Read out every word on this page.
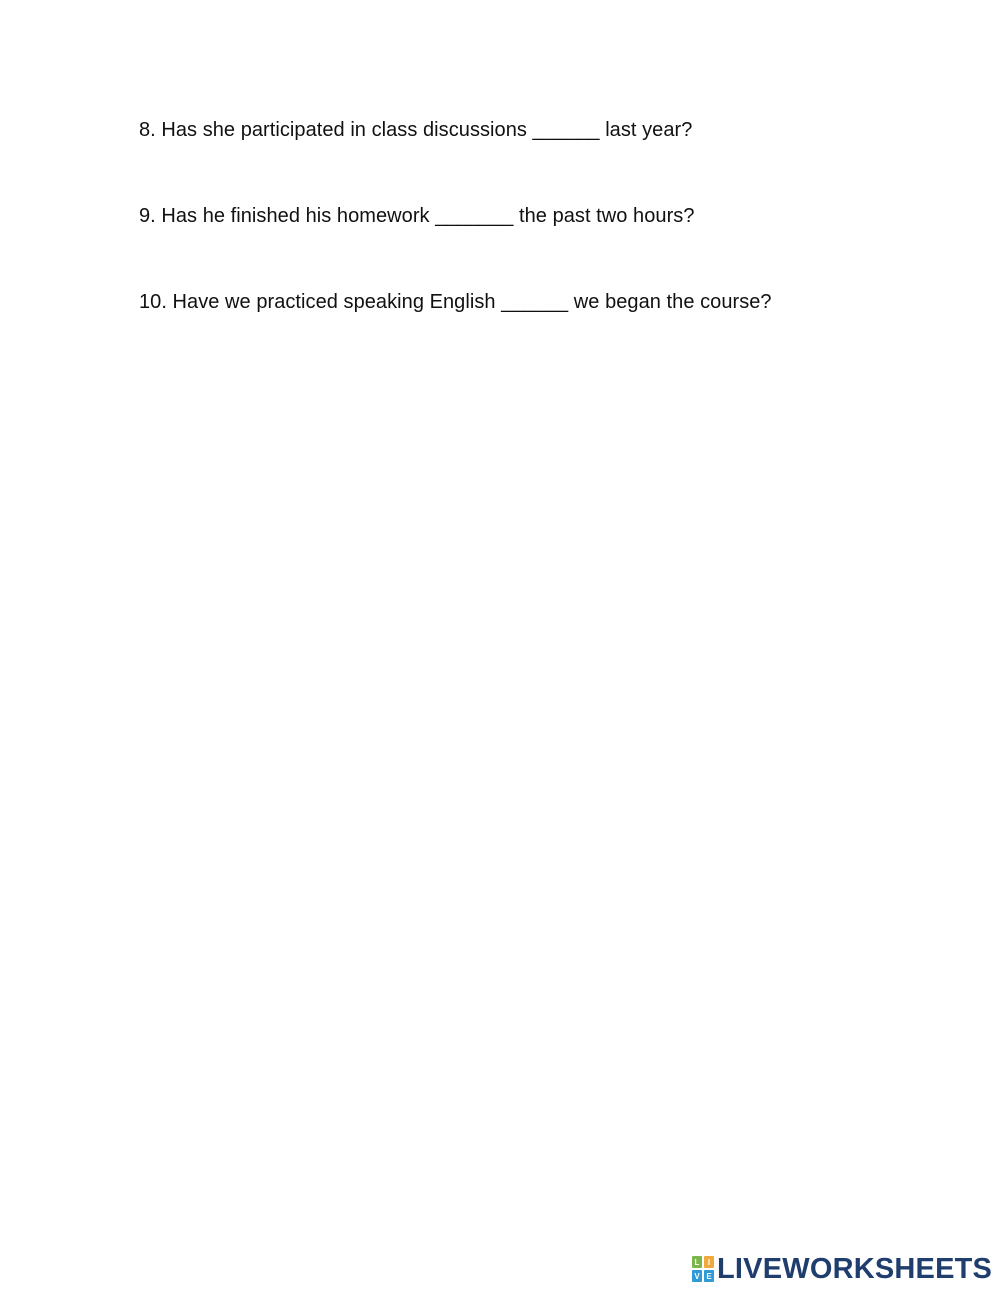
8. Has she participated in class discussions ______ last year?
9. Has he finished his homework _______ the past two hours?
10. Have we practiced speaking English ______ we began the course?
L	I
V E LIVEWORKSHEETS
